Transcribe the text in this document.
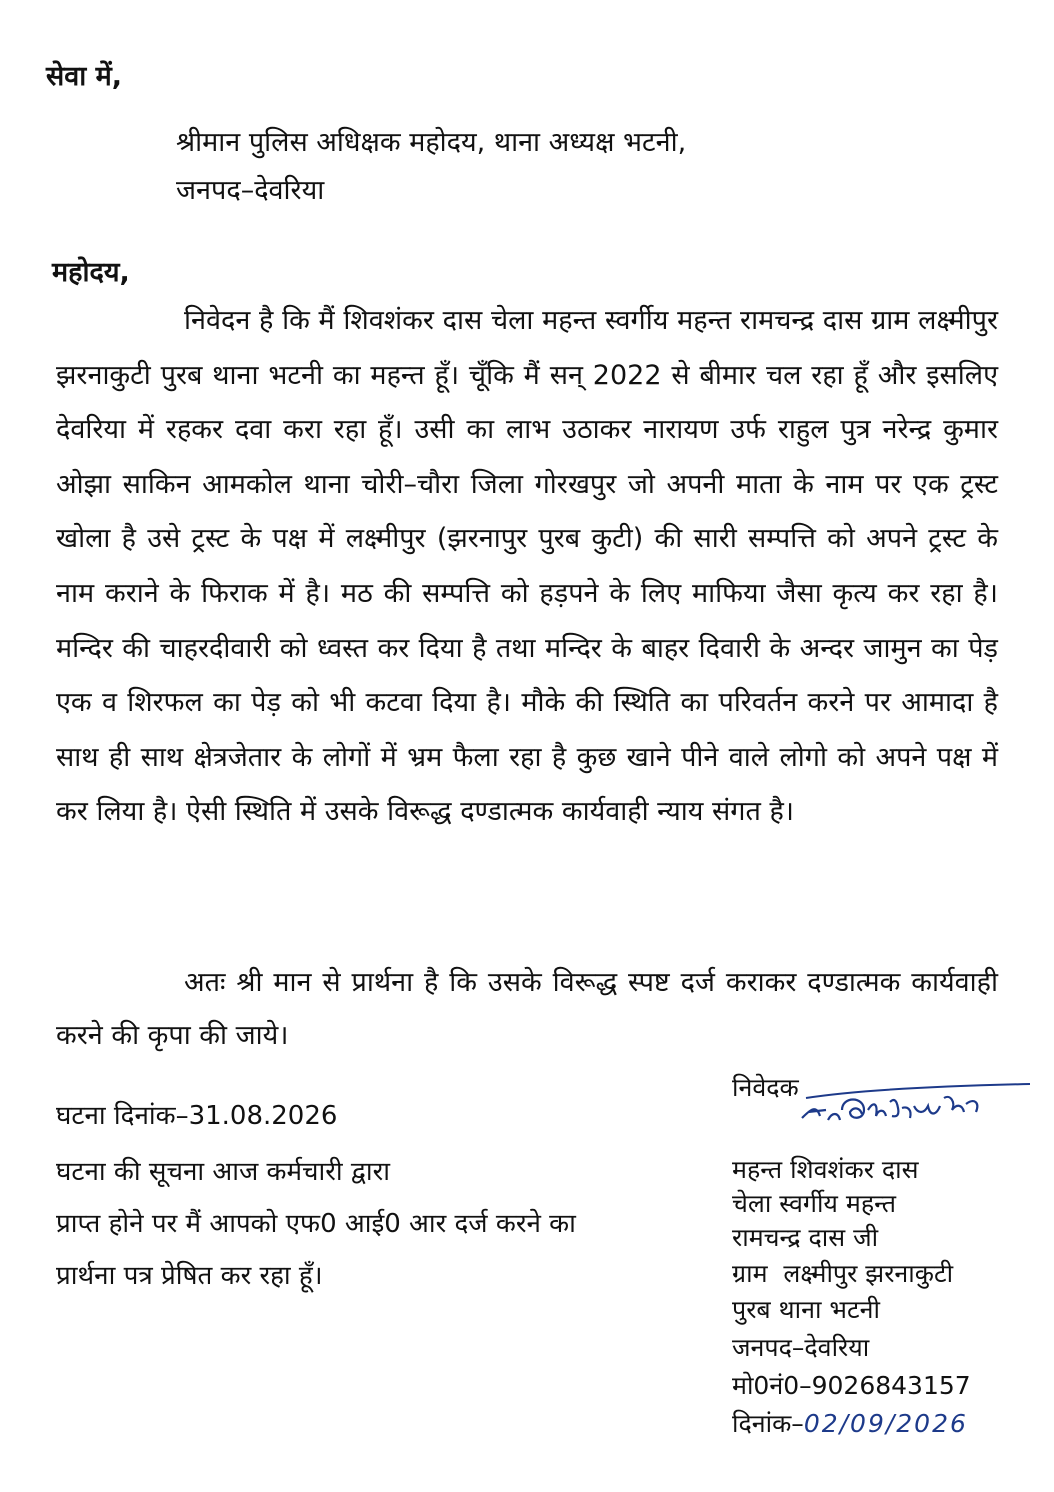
सेवा में,
श्रीमान पुलिस अधिक्षक महोदय, थाना अध्यक्ष भटनी,
जनपद–देवरिया
महोदय,
निवेदन है कि मैं शिवशंकर दास चेला महन्त स्वर्गीय महन्त रामचन्द्र दास ग्राम लक्ष्मीपुर झरनाकुटी पुरब थाना भटनी का महन्त हूँ। चूँकि मैं सन् 2022 से बीमार चल रहा हूँ और इसलिए देवरिया में रहकर दवा करा रहा हूँ। उसी का लाभ उठाकर नारायण उर्फ राहुल पुत्र नरेन्द्र कुमार ओझा साकिन आमकोल थाना चोरी–चौरा जिला गोरखपुर जो अपनी माता के नाम पर एक ट्रस्ट खोला है उसे ट्रस्ट के पक्ष में लक्ष्मीपुर (झरनापुर पुरब कुटी) की सारी सम्पत्ति को अपने ट्रस्ट के नाम कराने के फिराक में है। मठ की सम्पत्ति को हड़पने के लिए माफिया जैसा कृत्य कर रहा है। मन्दिर की चाहरदीवारी को ध्वस्त कर दिया है तथा मन्दिर के बाहर दिवारी के अन्दर जामुन का पेड़ एक व शिरफल का पेड़ को भी कटवा दिया है। मौके की स्थिति का परिवर्तन करने पर आमादा है साथ ही साथ क्षेत्रजेतार के लोगों में भ्रम फैला रहा है कुछ खाने पीने वाले लोगो को अपने पक्ष में कर लिया है। ऐसी स्थिति में उसके विरूद्ध दण्डात्मक कार्यवाही न्याय संगत है।
अतः श्री मान से प्रार्थना है कि उसके विरूद्ध स्पष्ट दर्ज कराकर दण्डात्मक कार्यवाही करने की कृपा की जाये।
घटना दिनांक–31.08.2026
घटना की सूचना आज कर्मचारी द्वारा
प्राप्त होने पर मैं आपको एफ0 आई0 आर दर्ज करने का
प्रार्थना पत्र प्रेषित कर रहा हूँ।
निवेदक
महन्त शिवशंकर दास
चेला स्वर्गीय महन्त
रामचन्द्र दास जी
ग्राम  लक्ष्मीपुर झरनाकुटी
पुरब थाना भटनी
जनपद–देवरिया
मो0नं0–9026843157
दिनांक–02/09/2026
